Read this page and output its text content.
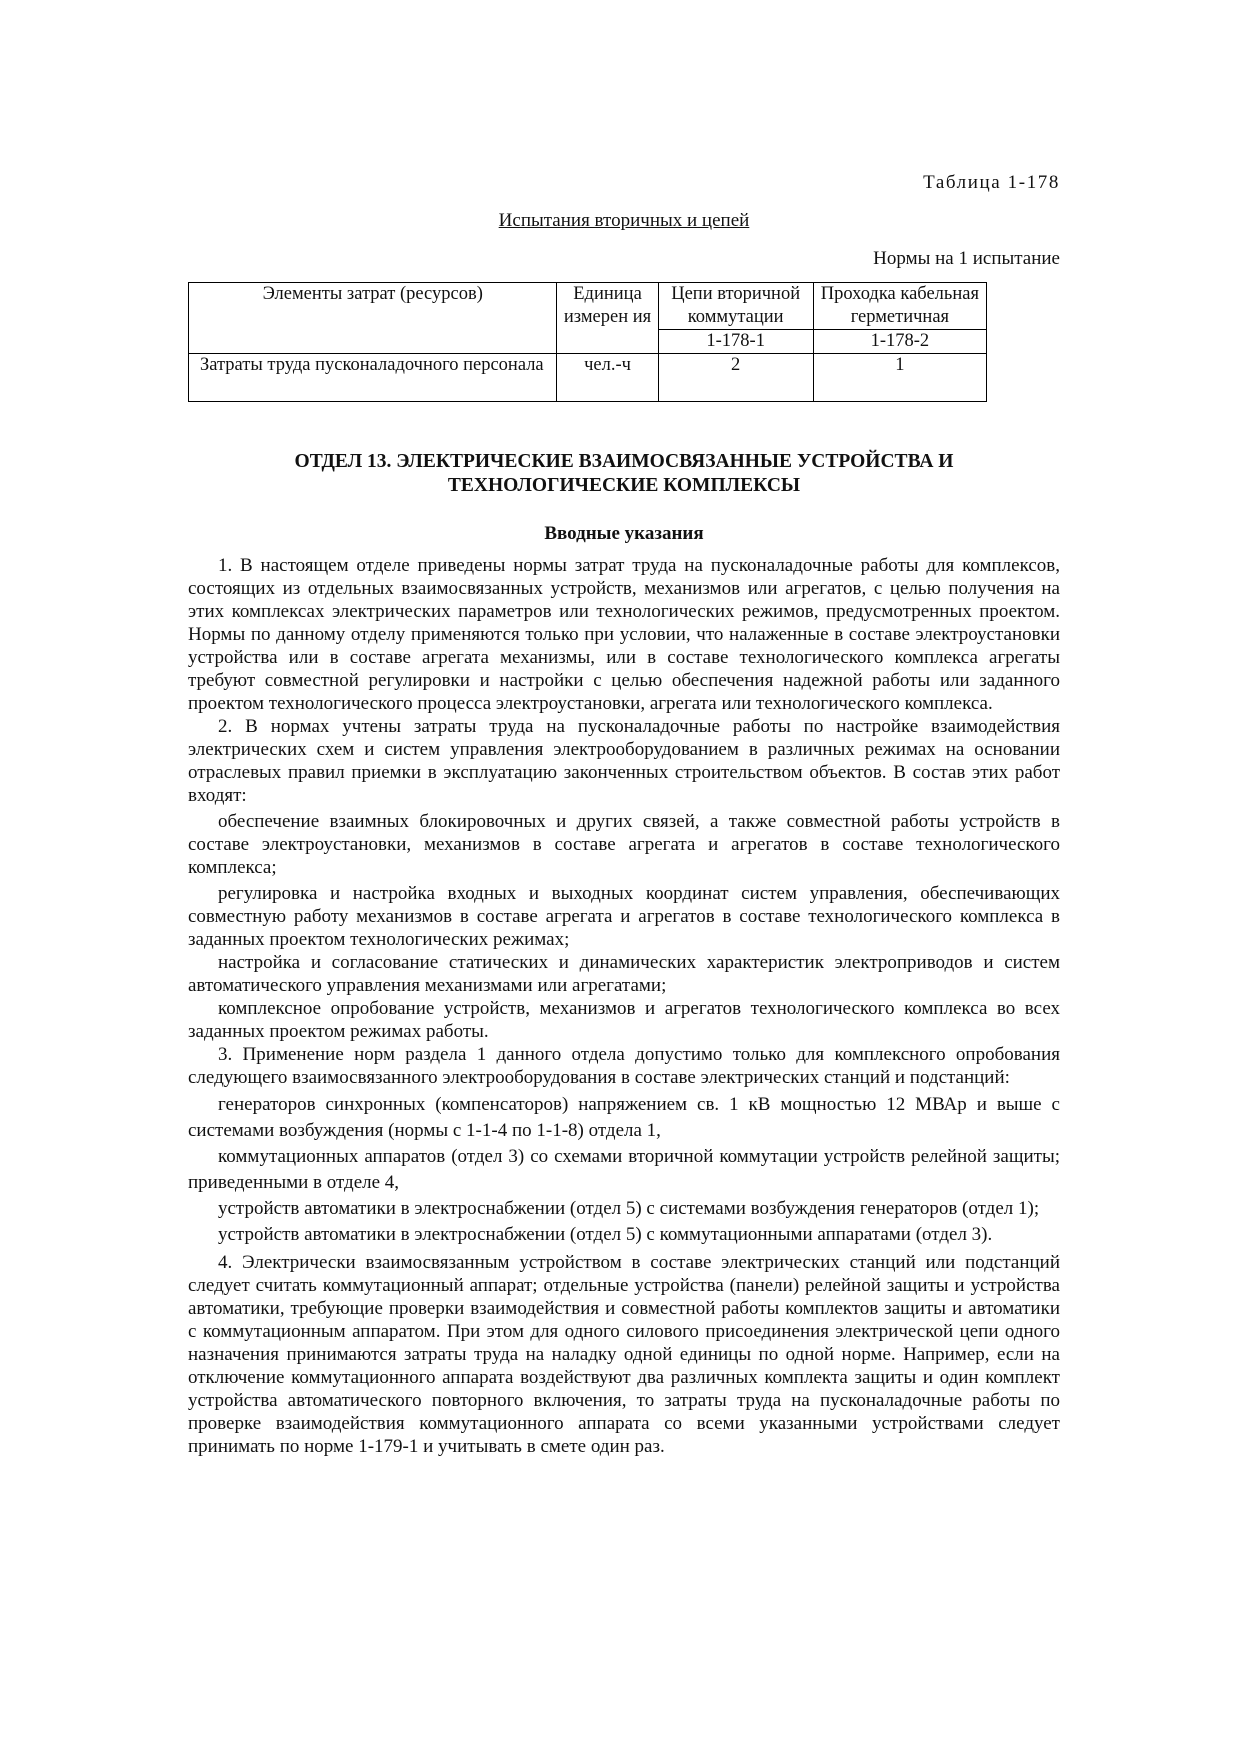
Таблица 1-178

Испытания вторичных и цепей

Нормы на 1 испытание

Элементы затрат (ресурсов)	Единица измерен ия	Цепи вторичной коммутации	Проходка кабельная герметичная
		1-178-1	1-178-2
Затраты труда пусконаладочного персонала	чел.-ч	2	1
ОТДЕЛ 13. ЭЛЕКТРИЧЕСКИЕ ВЗАИМОСВЯЗАННЫЕ УСТРОЙСТВА И ТЕХНОЛОГИЧЕСКИЕ КОМПЛЕКСЫ
Вводные указания

1. В настоящем отделе приведены нормы затрат труда на пусконаладочные работы для комплексов, состоящих из отдельных взаимосвязанных устройств, механизмов или агрегатов, с целью получения на этих комплексах электрических параметров или технологических режимов, предусмотренных проектом. Нормы по данному отделу применяются только при условии, что налаженные в составе электроустановки устройства или в составе агрегата механизмы, или в составе технологического комплекса агрегаты требуют совместной регулировки и настройки с целью обеспечения надежной работы или заданного проектом технологического процесса электроустановки, агрегата или технологического комплекса.

2. В нормах учтены затраты труда на пусконаладочные работы по настройке взаимодействия электрических схем и систем управления электрооборудованием в различных режимах на основании отраслевых правил приемки в эксплуатацию законченных строительством объектов. В состав этих работ входят:

обеспечение взаимных блокировочных и других связей, а также совместной работы устройств в составе электроустановки, механизмов в составе агрегата и агрегатов в составе технологического комплекса;

регулировка и настройка входных и выходных координат систем управления, обеспечивающих совместную работу механизмов в составе агрегата и агрегатов в составе технологического комплекса в заданных проектом технологических режимах;

настройка и согласование статических и динамических характеристик электроприводов и систем автоматического управления механизмами или агрегатами;

комплексное опробование устройств, механизмов и агрегатов технологического комплекса во всех заданных проектом режимах работы.

3. Применение норм раздела 1 данного отдела допустимо только для комплексного опробования следующего взаимосвязанного электрооборудования в составе электрических станций и подстанций:

генераторов синхронных (компенсаторов) напряжением св. 1 кВ мощностью 12 МВАр и выше с системами возбуждения (нормы с 1-1-4 по 1-1-8) отдела 1,

коммутационных аппаратов (отдел 3) со схемами вторичной коммутации устройств релейной защиты; приведенными в отделе 4,

устройств автоматики в электроснабжении (отдел 5) с системами возбуждения генераторов (отдел 1);

устройств автоматики в электроснабжении (отдел 5) с коммутационными аппаратами (отдел 3).

4. Электрически взаимосвязанным устройством в составе электрических станций или подстанций следует считать коммутационный аппарат; отдельные устройства (панели) релейной защиты и устройства автоматики, требующие проверки взаимодействия и совместной работы комплектов защиты и автоматики с коммутационным аппаратом. При этом для одного силового присоединения электрической цепи одного назначения принимаются затраты труда на наладку одной единицы по одной норме. Например, если на отключение коммутационного аппарата воздействуют два различных комплекта защиты и один комплект устройства автоматического повторного включения, то затраты труда на пусконаладочные работы по проверке взаимодействия коммутационного аппарата со всеми указанными устройствами следует принимать по норме 1-179-1 и учитывать в смете один раз.
